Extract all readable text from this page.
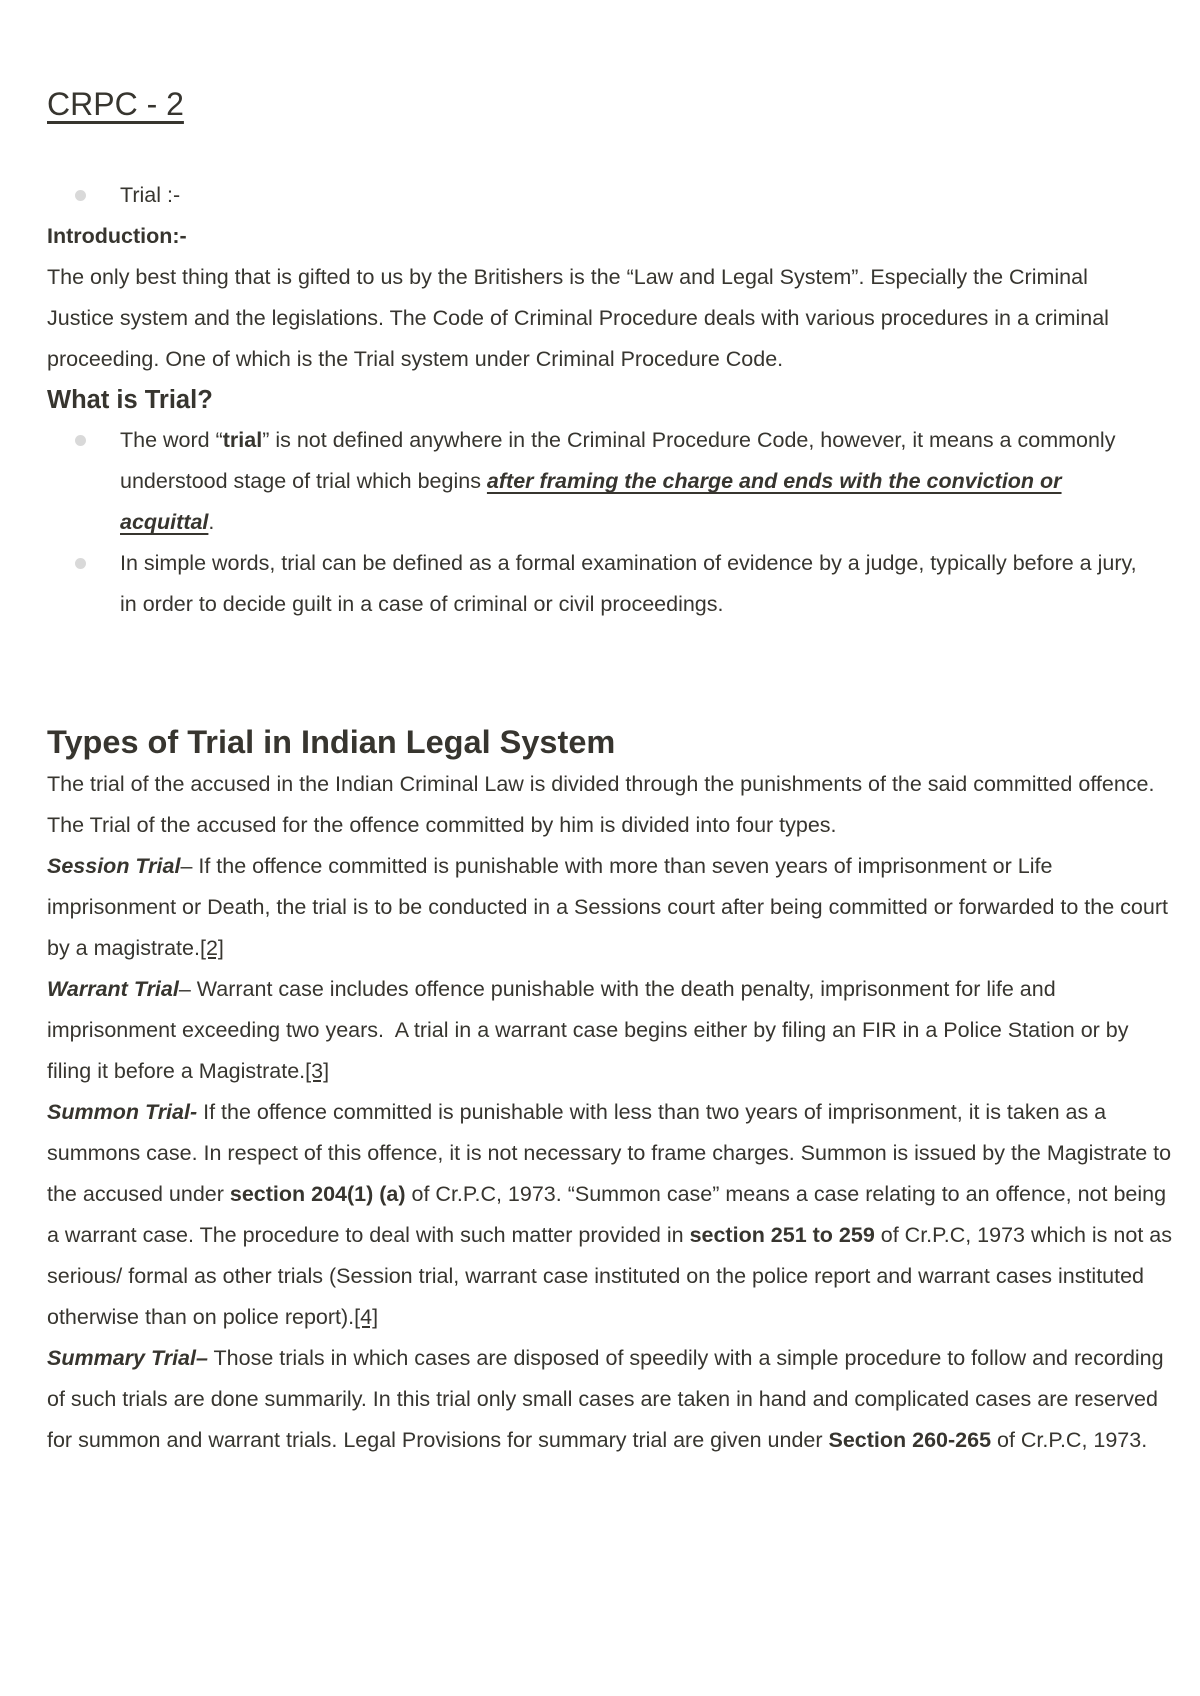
CRPC - 2

Trial :-

Introduction:-

The only best thing that is gifted to us by the Britishers is the “Law and Legal System”. Especially the Criminal Justice system and the legislations. The Code of Criminal Procedure deals with various procedures in a criminal proceeding. One of which is the Trial system under Criminal Procedure Code.

What is Trial?

The word “trial” is not defined anywhere in the Criminal Procedure Code, however, it means a commonly understood stage of trial which begins after framing the charge and ends with the conviction or acquittal.

In simple words, trial can be defined as a formal examination of evidence by a judge, typically before a jury, in order to decide guilt in a case of criminal or civil proceedings.

Types of Trial in Indian Legal System

The trial of the accused in the Indian Criminal Law is divided through the punishments of the said committed offence. The Trial of the accused for the offence committed by him is divided into four types.

Session Trial– If the offence committed is punishable with more than seven years of imprisonment or Life imprisonment or Death, the trial is to be conducted in a Sessions court after being committed or forwarded to the court by a magistrate.[2]

Warrant Trial– Warrant case includes offence punishable with the death penalty, imprisonment for life and imprisonment exceeding two years.  A trial in a warrant case begins either by filing an FIR in a Police Station or by filing it before a Magistrate.[3]

Summon Trial- If the offence committed is punishable with less than two years of imprisonment, it is taken as a summons case. In respect of this offence, it is not necessary to frame charges. Summon is issued by the Magistrate to the accused under section 204(1) (a) of Cr.P.C, 1973. “Summon case” means a case relating to an offence, not being a warrant case. The procedure to deal with such matter provided in section 251 to 259 of Cr.P.C, 1973 which is not as serious/ formal as other trials (Session trial, warrant case instituted on the police report and warrant cases instituted otherwise than on police report).[4]

Summary Trial– Those trials in which cases are disposed of speedily with a simple procedure to follow and recording of such trials are done summarily. In this trial only small cases are taken in hand and complicated cases are reserved for summon and warrant trials. Legal Provisions for summary trial are given under Section 260-265 of Cr.P.C, 1973.
